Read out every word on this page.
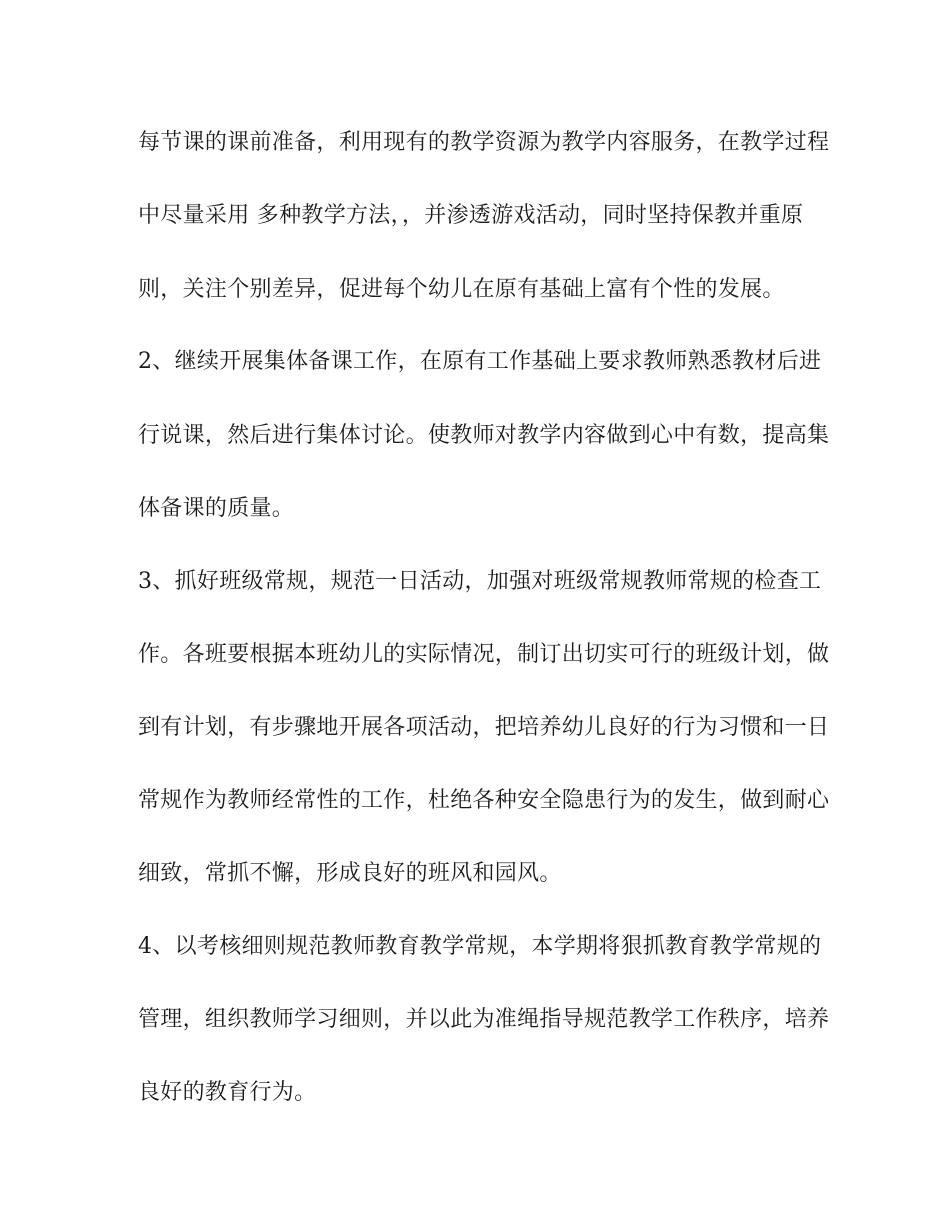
每节课的课前准备，利用现有的教学资源为教学内容服务，在教学过程
中尽量采用 多种教学方法，，并渗透游戏活动，同时坚持保教并重原
则，关注个别差异，促进每个幼儿在原有基础上富有个性的发展。
2、继续开展集体备课工作，在原有工作基础上要求教师熟悉教材后进
行说课，然后进行集体讨论。使教师对教学内容做到心中有数，提高集
体备课的质量。
3、抓好班级常规，规范一日活动，加强对班级常规教师常规的检查工
作。各班要根据本班幼儿的实际情况，制订出切实可行的班级计划，做
到有计划，有步骤地开展各项活动，把培养幼儿良好的行为习惯和一日
常规作为教师经常性的工作，杜绝各种安全隐患行为的发生，做到耐心
细致，常抓不懈，形成良好的班风和园风。
4、以考核细则规范教师教育教学常规，本学期将狠抓教育教学常规的
管理，组织教师学习细则，并以此为准绳指导规范教学工作秩序，培养
良好的教育行为。
